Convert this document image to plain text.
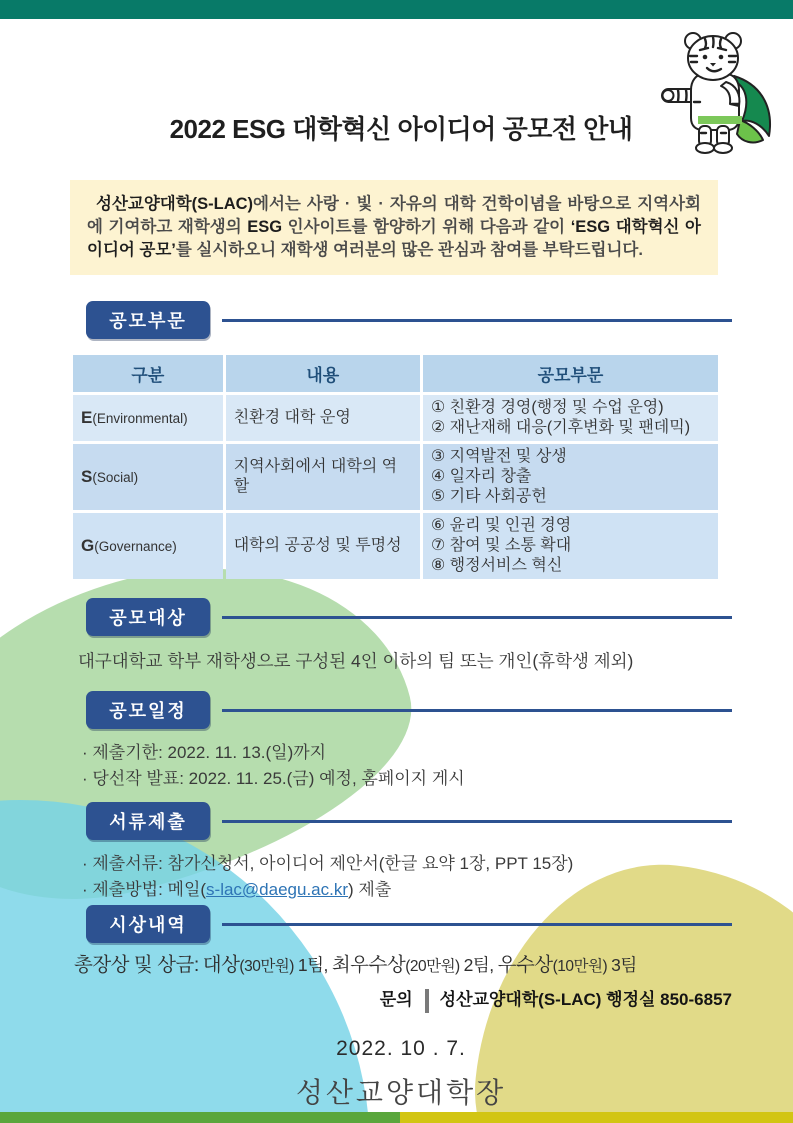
2022 ESG 대학혁신 아이디어 공모전 안내
성산교양대학(S-LAC)에서는 사랑 · 빛 · 자유의 대학 건학이념을 바탕으로 지역사회에 기여하고 재학생의 ESG 인사이트를 함양하기 위해 다음과 같이 ‘ESG 대학혁신 아이디어 공모’를 실시하오니 재학생 여러분의 많은 관심과 참여를 부탁드립니다.
공모부문
구분	내용	공모부문
E(Environmental)	친환경 대학 운영	① 친환경 경영(행정 및 수업 운영)
② 재난재해 대응(기후변화 및 팬데믹)

S(Social)	지역사회에서 대학의 역할	③ 지역발전 및 상생
④ 일자리 창출
⑤ 기타 사회공헌

G(Governance)	대학의 공공성 및 투명성	⑥ 윤리 및 인권 경영
⑦ 참여 및 소통 확대
⑧ 행정서비스 혁신
공모대상
대구대학교 학부 재학생으로 구성된 4인 이하의 팀 또는 개인(휴학생 제외)
공모일정
· 제출기한: 2022. 11. 13.(일)까지
· 당선작 발표: 2022. 11. 25.(금) 예정, 홈페이지 게시
서류제출
· 제출서류: 참가신청서, 아이디어 제안서(한글 요약 1장, PPT 15장)
· 제출방법: 메일(s-lac@daegu.ac.kr) 제출
시상내역
총장상 및 상금: 대상(30만원) 1팀, 최우수상(20만원) 2팀, 우수상(10만원) 3팀
문의 성산교양대학(S-LAC) 행정실 850-6857
2022. 10 . 7.
성산교양대학장
